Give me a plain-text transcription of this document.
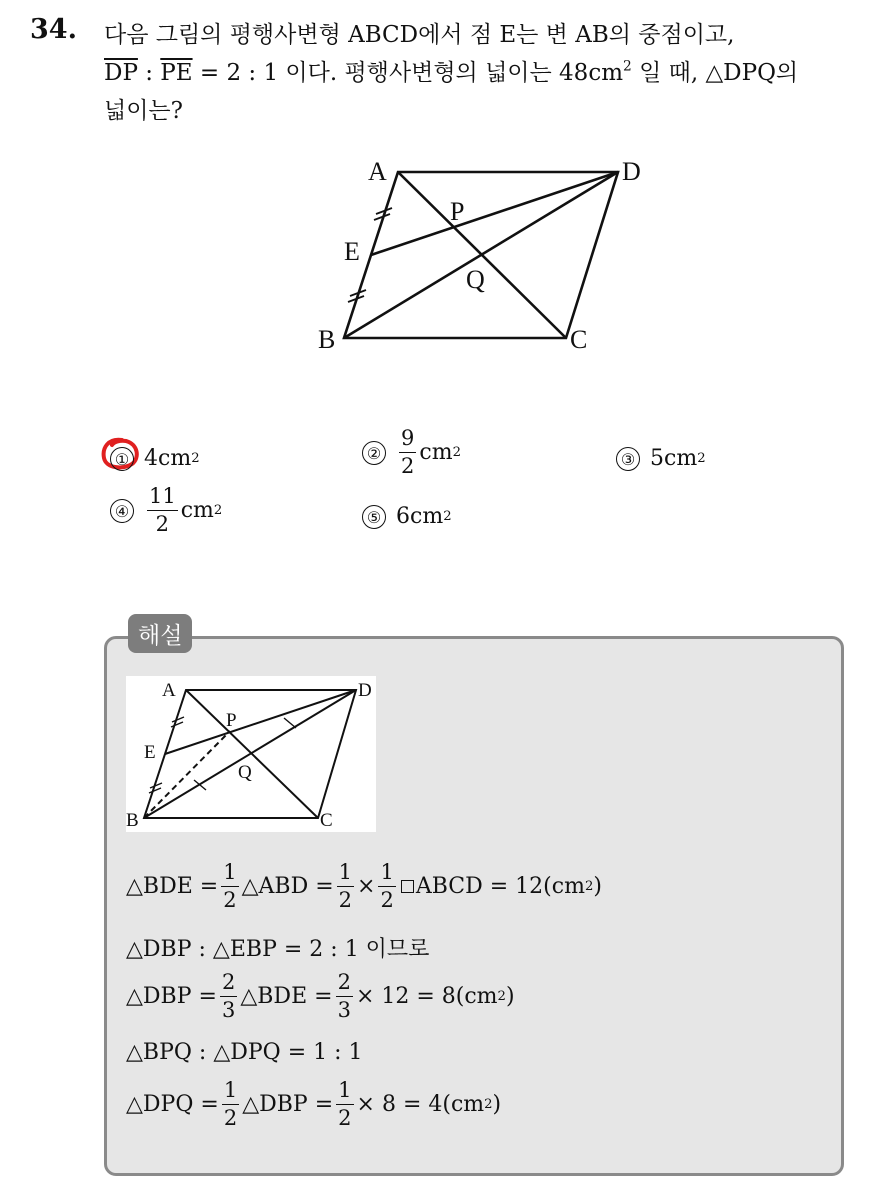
34. 다음 그림의 평행사변형 ABCD에서 점 E는 변 AB의 중점이고,
$\overline{DP}$ : $\overline{PE} = 2$ : 1 이다. 평행사변형의 넓이는 $48cm^2$ 일 때, △DPQ의
넓이는?
A	D
E
P
Q
B	C
① 4cm 2	② $\frac{9}{2}$ cm 2	③ 5cm 2
④ $\frac{11}{2}$ cm 2	⑤ 6cm 2
해설
A	D
E
P
Q
B	C
△BDE = $\frac{1}{2}$ △ABD = $\frac{1}{2} \times \frac{1}{2}$ ABCD = 12(cm 2 )
△DBP : △EBP = 2 : 1 이므로
△DBP = $\frac{2}{3}$ △BDE = $\frac{2}{3} \times 12 = 8(cm$ 2 )
△BPQ : △DPQ = 1 : 1
△DPQ = $\frac{1}{2}$ △DBP = $\frac{1}{2} \times 8 = 4(cm$ 2 )
